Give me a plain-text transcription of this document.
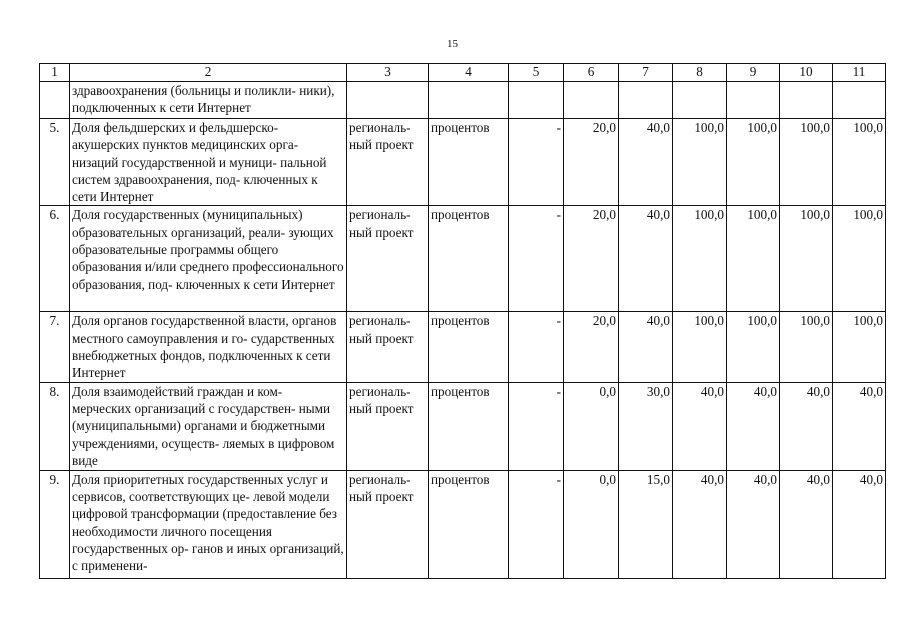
15
1	2	3	4	5	6	7	8	9	10	11
	здравоохранения (больницы и поликли- ники), подключенных к сети Интернет									
5.	Доля фельдшерских и фельдшерско- акушерских пунктов медицинских орга- низаций государственной и муници- пальной систем здравоохранения, под- ключенных к сети Интернет	региональ- ный проект	процентов	-	20,0	40,0	100,0	100,0	100,0	100,0
6.	Доля государственных (муниципальных) образовательных организаций, реали- зующих образовательные программы общего образования и/или среднего профессионального образования, под- ключенных к сети Интернет	региональ- ный проект	процентов	-	20,0	40,0	100,0	100,0	100,0	100,0
7.	Доля органов государственной власти, органов местного самоуправления и го- сударственных внебюджетных фондов, подключенных к сети Интернет	региональ- ный проект	процентов	-	20,0	40,0	100,0	100,0	100,0	100,0
8.	Доля взаимодействий граждан и ком- мерческих организаций с государствен- ными (муниципальными) органами и бюджетными учреждениями, осуществ- ляемых в цифровом виде	региональ- ный проект	процентов	-	0,0	30,0	40,0	40,0	40,0	40,0
9.	Доля приоритетных государственных услуг и сервисов, соответствующих це- левой модели цифровой трансформации (предоставление без необходимости личного посещения государственных ор- ганов и иных организаций, с применени-	региональ- ный проект	процентов	-	0,0	15,0	40,0	40,0	40,0	40,0
